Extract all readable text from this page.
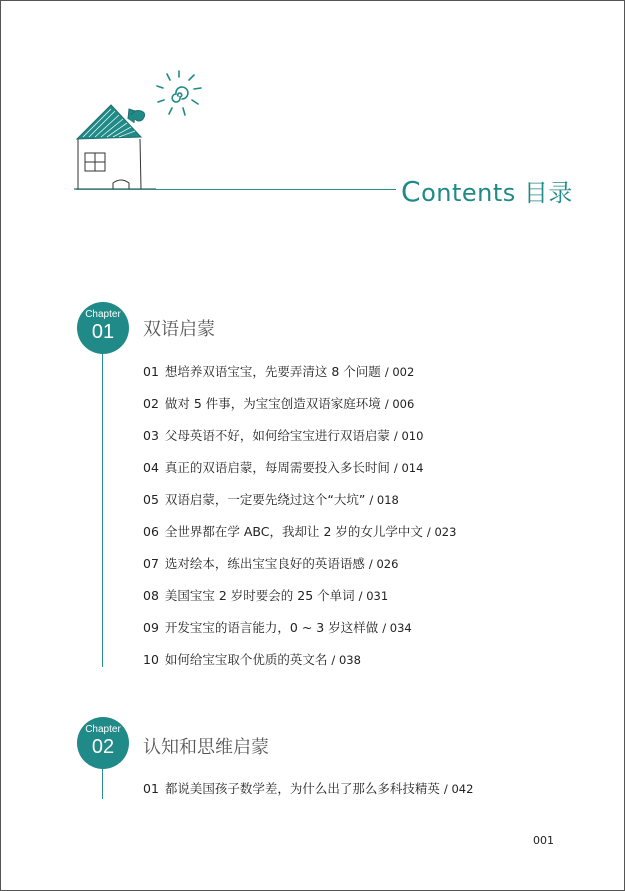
Contents 目录
Chapter
01	双语启蒙
01 想培养双语宝宝，先要弄清这 8 个问题 / 002
02 做对 5 件事，为宝宝创造双语家庭环境 / 006
03 父母英语不好，如何给宝宝进行双语启蒙 / 010
04 真正的双语启蒙，每周需要投入多长时间 / 014
05 双语启蒙，一定要先绕过这个“大坑” / 018
06 全世界都在学 ABC，我却让 2 岁的女儿学中文 / 023
07 选对绘本，练出宝宝良好的英语语感 / 026
08 美国宝宝 2 岁时要会的 25 个单词 / 031
09 开发宝宝的语言能力，0 ~ 3 岁这样做 / 034
10 如何给宝宝取个优质的英文名 / 038
Chapter
02	认知和思维启蒙
01 都说美国孩子数学差，为什么出了那么多科技精英 / 042
001
